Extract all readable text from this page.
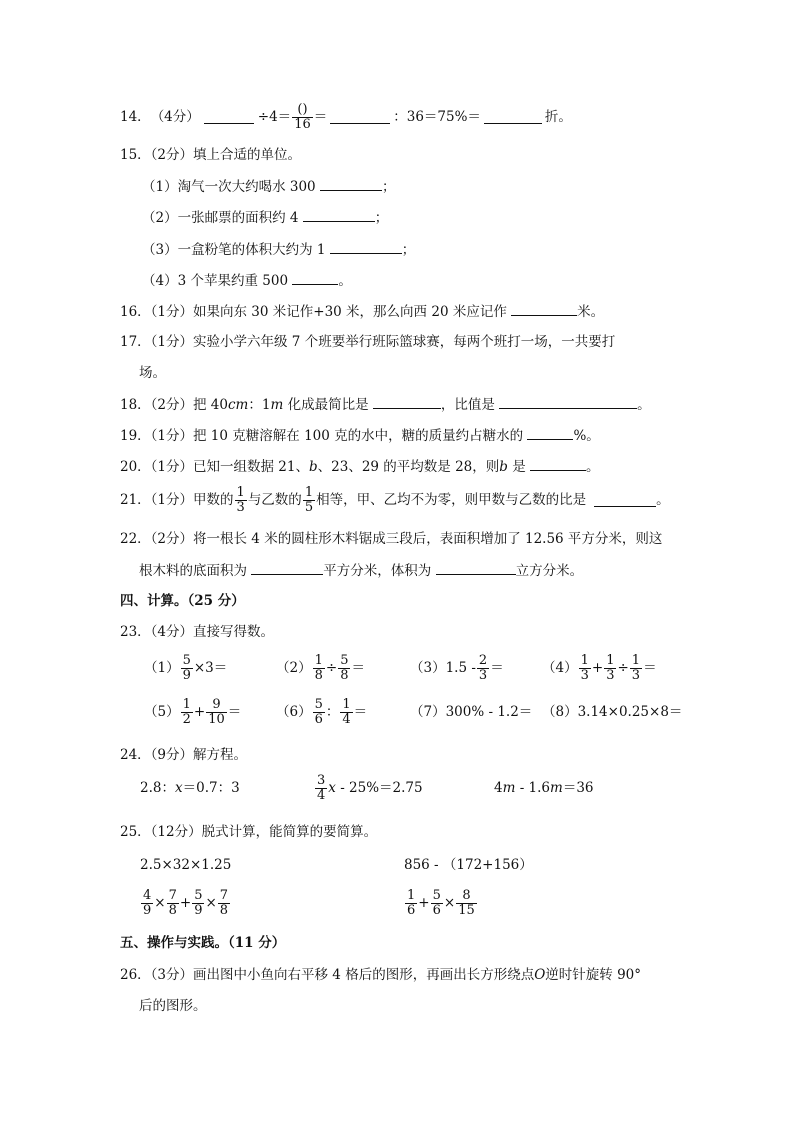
14． （4分）	÷4＝ ()
16 ＝	：36＝75%＝	折。
15．（2分）填上合适的单位。
（1）淘气一次大约喝水 300	；
（2）一张邮票的面积约 4	；
（3）一盒粉笔的体积大约为 1	；
（4）3 个苹果约重 500	。
16．（1分）如果向东 30 米记作+30 米，那么向西 20 米应记作	米。
17．（1分）实验小学六年级 7 个班要举行班际篮球赛，每两个班打一场，一共要打
场。
18．（2分）把 40cm：1m 化成最简比是	，比值是	。
19．（1分）把 10 克糖溶解在 100 克的水中，糖的质量约占糖水的	%。
20．（1分）已知一组数据 21、b、23、29 的平均数是 28，则b 是	。
21．（1分）甲数的 $\frac{1}{3}$ 与乙数的 $\frac{1}{5}$ 相等，甲、乙均不为零，则甲数与乙数的比是	。
22．（2分）将一根长 4 米的圆柱形木料锯成三段后，表面积增加了 12.56 平方分米，则这
根木料的底面积为	平方分米，体积为	立方分米。
四、计算。（25 分）
23．（4分）直接写得数。
$(1) \frac{5}{9} \times 3=$	$(2) \frac{1}{8} \div \frac{5}{8}$ ＝	$(3)1.5 - \frac{2}{3}$ ＝	$(4) \frac{1}{3} + \frac{1}{3} \div \frac{1}{3}$ ＝
$(5) \frac{1}{2} + \frac{9}{10}$ ＝	$(6) \frac{5}{6}$ ： $\frac{1}{4}$ ＝	（7）300% - 1.2＝ （8）3.14×0.25×8＝
24．（9分）解方程。
2.8：x＝0.7：3	$\frac{3}{4}$ x - 25%＝2.75	4m - 1.6m＝36
25．（12分）脱式计算，能简算的要简算。
2.5×32×1.25	856 - （172+156）
$\frac{4}{9} \times \frac{7}{8} + \frac{5}{9} \times \frac{7}{8}$	$\frac{1}{6} + \frac{5}{6} \times \frac{8}{15}$
五、操作与实践。（11 分）
26．（3分）画出图中小鱼向右平移 4 格后的图形，再画出长方形绕点O逆时针旋转 90°
后的图形。
